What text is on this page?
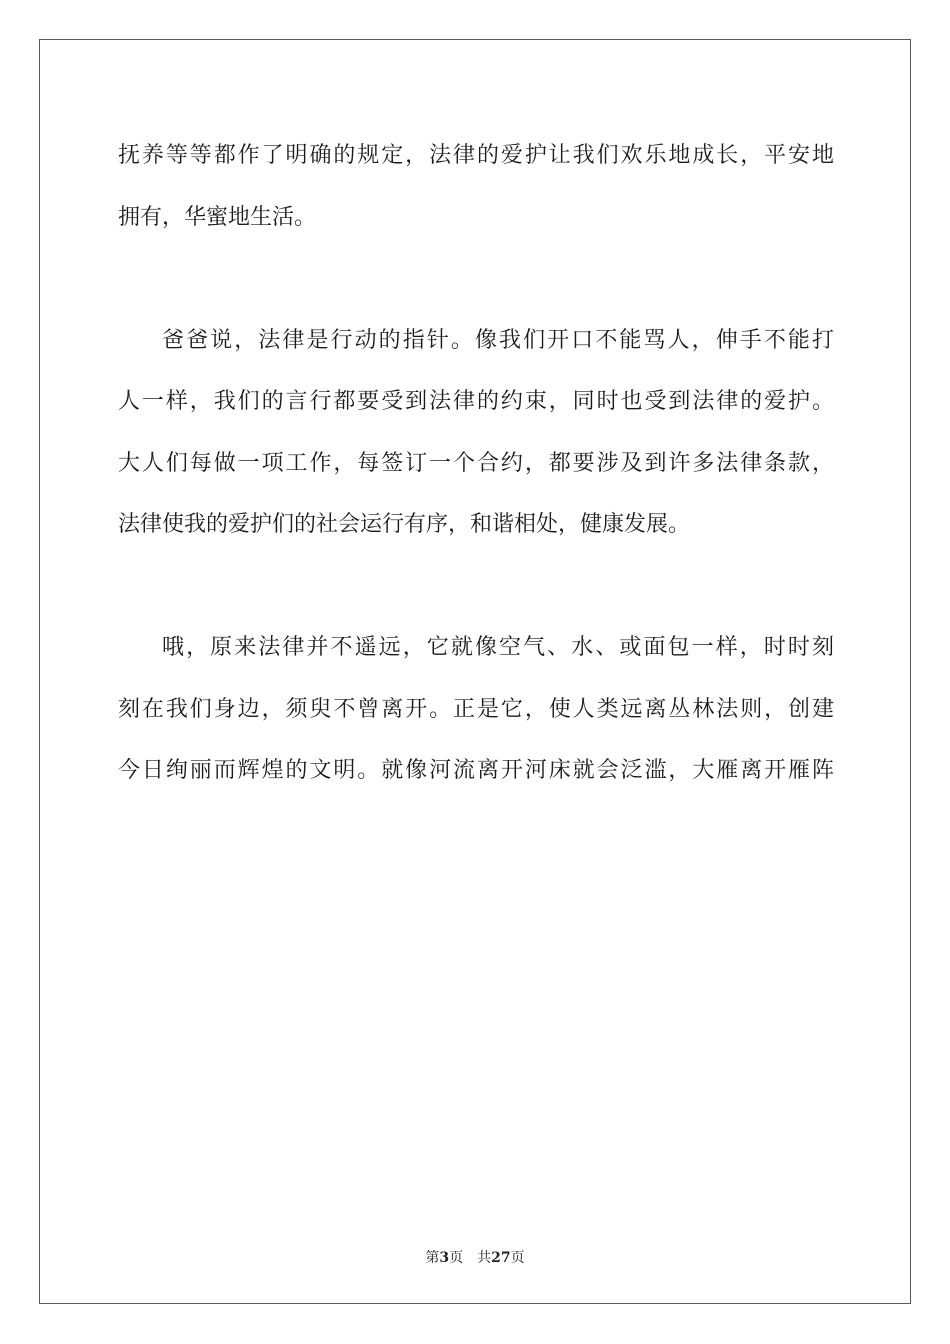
抚养等等都作了明确的规定，法律的爱护让我们欢乐地成长，平安地
拥有，华蜜地生活。
爸爸说，法律是行动的指针。像我们开口不能骂人，伸手不能打
人一样，我们的言行都要受到法律的约束，同时也受到法律的爱护。
大人们每做一项工作，每签订一个合约，都要涉及到许多法律条款，
法律使我的爱护们的社会运行有序，和谐相处，健康发展。
哦，原来法律并不遥远，它就像空气、水、或面包一样，时时刻
刻在我们身边，须臾不曾离开。正是它，使人类远离丛林法则，创建
今日绚丽而辉煌的文明。就像河流离开河床就会泛滥，大雁离开雁阵
第3页 共27页
